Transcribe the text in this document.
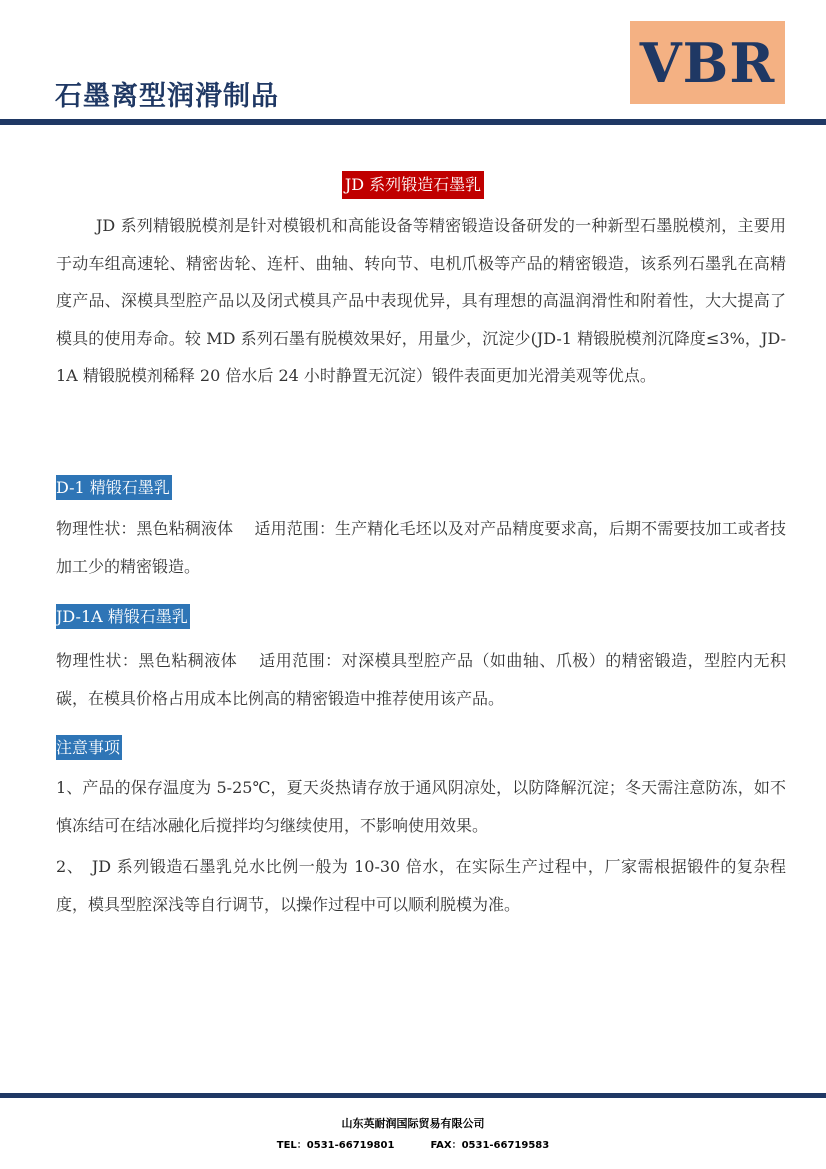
石墨离型润滑制品
VBR
JD 系列锻造石墨乳

JD 系列精锻脱模剂是针对模锻机和高能设备等精密锻造设备研发的一种新型石墨脱模剂，主要用于动车组高速轮、精密齿轮、连杆、曲轴、转向节、电机爪极等产品的精密锻造，该系列石墨乳在高精度产品、深模具型腔产品以及闭式模具产品中表现优异，具有理想的高温润滑性和附着性，大大提高了模具的使用寿命。较 MD 系列石墨有脱模效果好，用量少，沉淀少(JD-1 精锻脱模剂沉降度≤3%，JD-1A 精锻脱模剂稀释 20 倍水后 24 小时静置无沉淀）锻件表面更加光滑美观等优点。

D-1 精锻石墨乳

物理性状：黑色粘稠液体　 适用范围：生产精化毛坯以及对产品精度要求高，后期不需要技加工或者技加工少的精密锻造。

JD-1A 精锻石墨乳

物理性状：黑色粘稠液体　 适用范围：对深模具型腔产品（如曲轴、爪极）的精密锻造，型腔内无积碳，在模具价格占用成本比例高的精密锻造中推荐使用该产品。

注意事项

1、产品的保存温度为 5-25℃，夏天炎热请存放于通风阴凉处，以防降解沉淀；冬天需注意防冻，如不慎冻结可在结冰融化后搅拌均匀继续使用，不影响使用效果。

2、　JD 系列锻造石墨乳兑水比例一般为 10-30 倍水，在实际生产过程中，厂家需根据锻件的复杂程度，模具型腔深浅等自行调节，以操作过程中可以顺利脱模为准。

山东英耐润国际贸易有限公司
TEL：0531-66719801	FAX：0531-66719583
